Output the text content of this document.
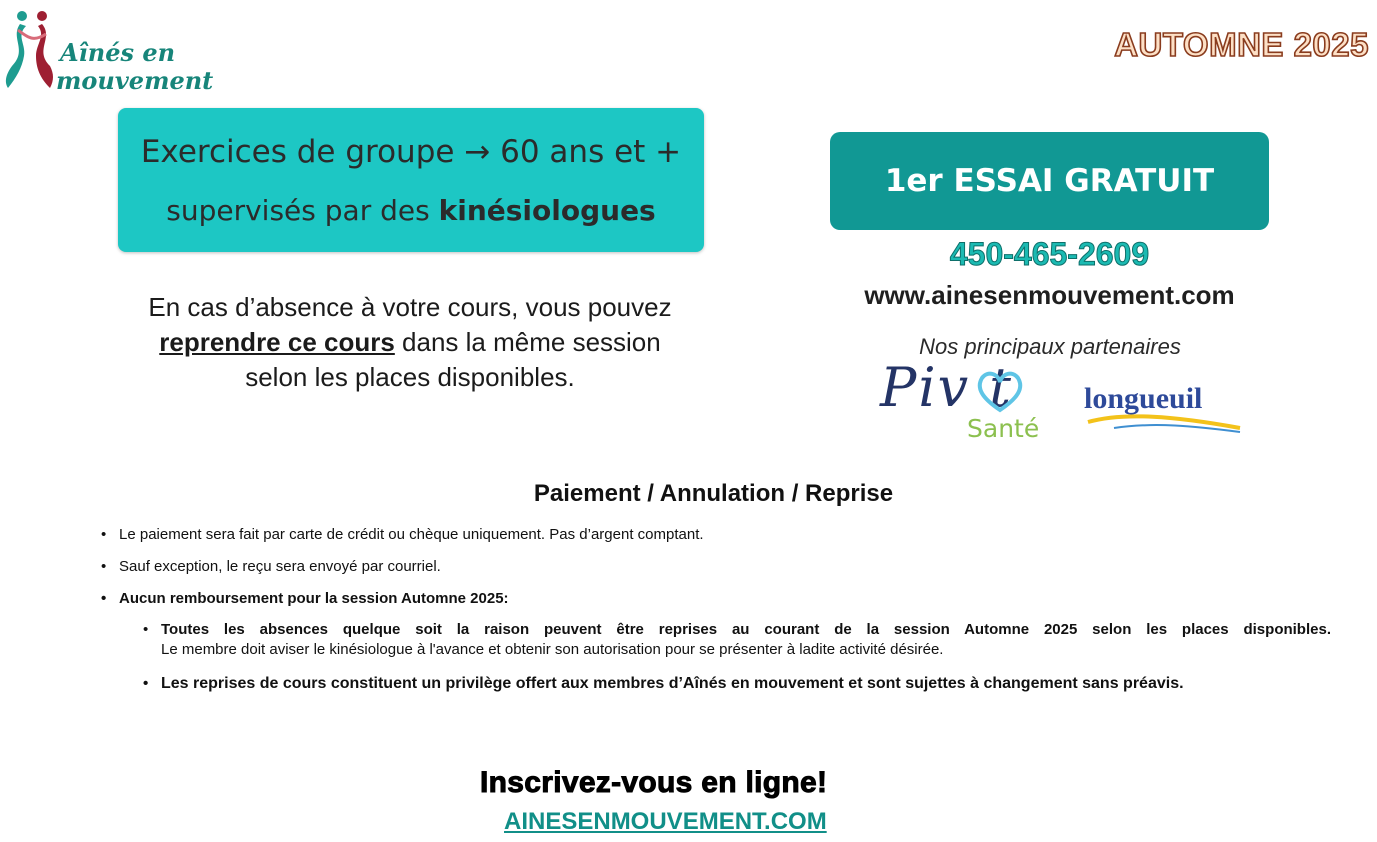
Aînés en
mouvement
AUTOMNE 2025
Exercices de groupe → 60 ans et +
supervisés par des kinésiologues
En cas d’absence à votre cours, vous pouvez
reprendre ce cours dans la même session
selon les places disponibles.
1er ESSAI GRATUIT
450-465-2609
www.ainesenmouvement.com
Nos principaux partenaires
Piv t
Santé
longueuil
Paiement / Annulation / Reprise
• Le paiement sera fait par carte de crédit ou chèque uniquement. Pas d’argent comptant.
• Sauf exception, le reçu sera envoyé par courriel.
• Aucun remboursement pour la session Automne 2025:
• Toutes les absences quelque soit la raison peuvent être reprises au courant de la session Automne 2025 selon les places disponibles.
Le membre doit aviser le kinésiologue à l'avance et obtenir son autorisation pour se présenter à ladite activité désirée.
• Les reprises de cours constituent un privilège offert aux membres d’Aînés en mouvement et sont sujettes à changement sans préavis.
Inscrivez-vous en ligne!
AINESENMOUVEMENT.COM
